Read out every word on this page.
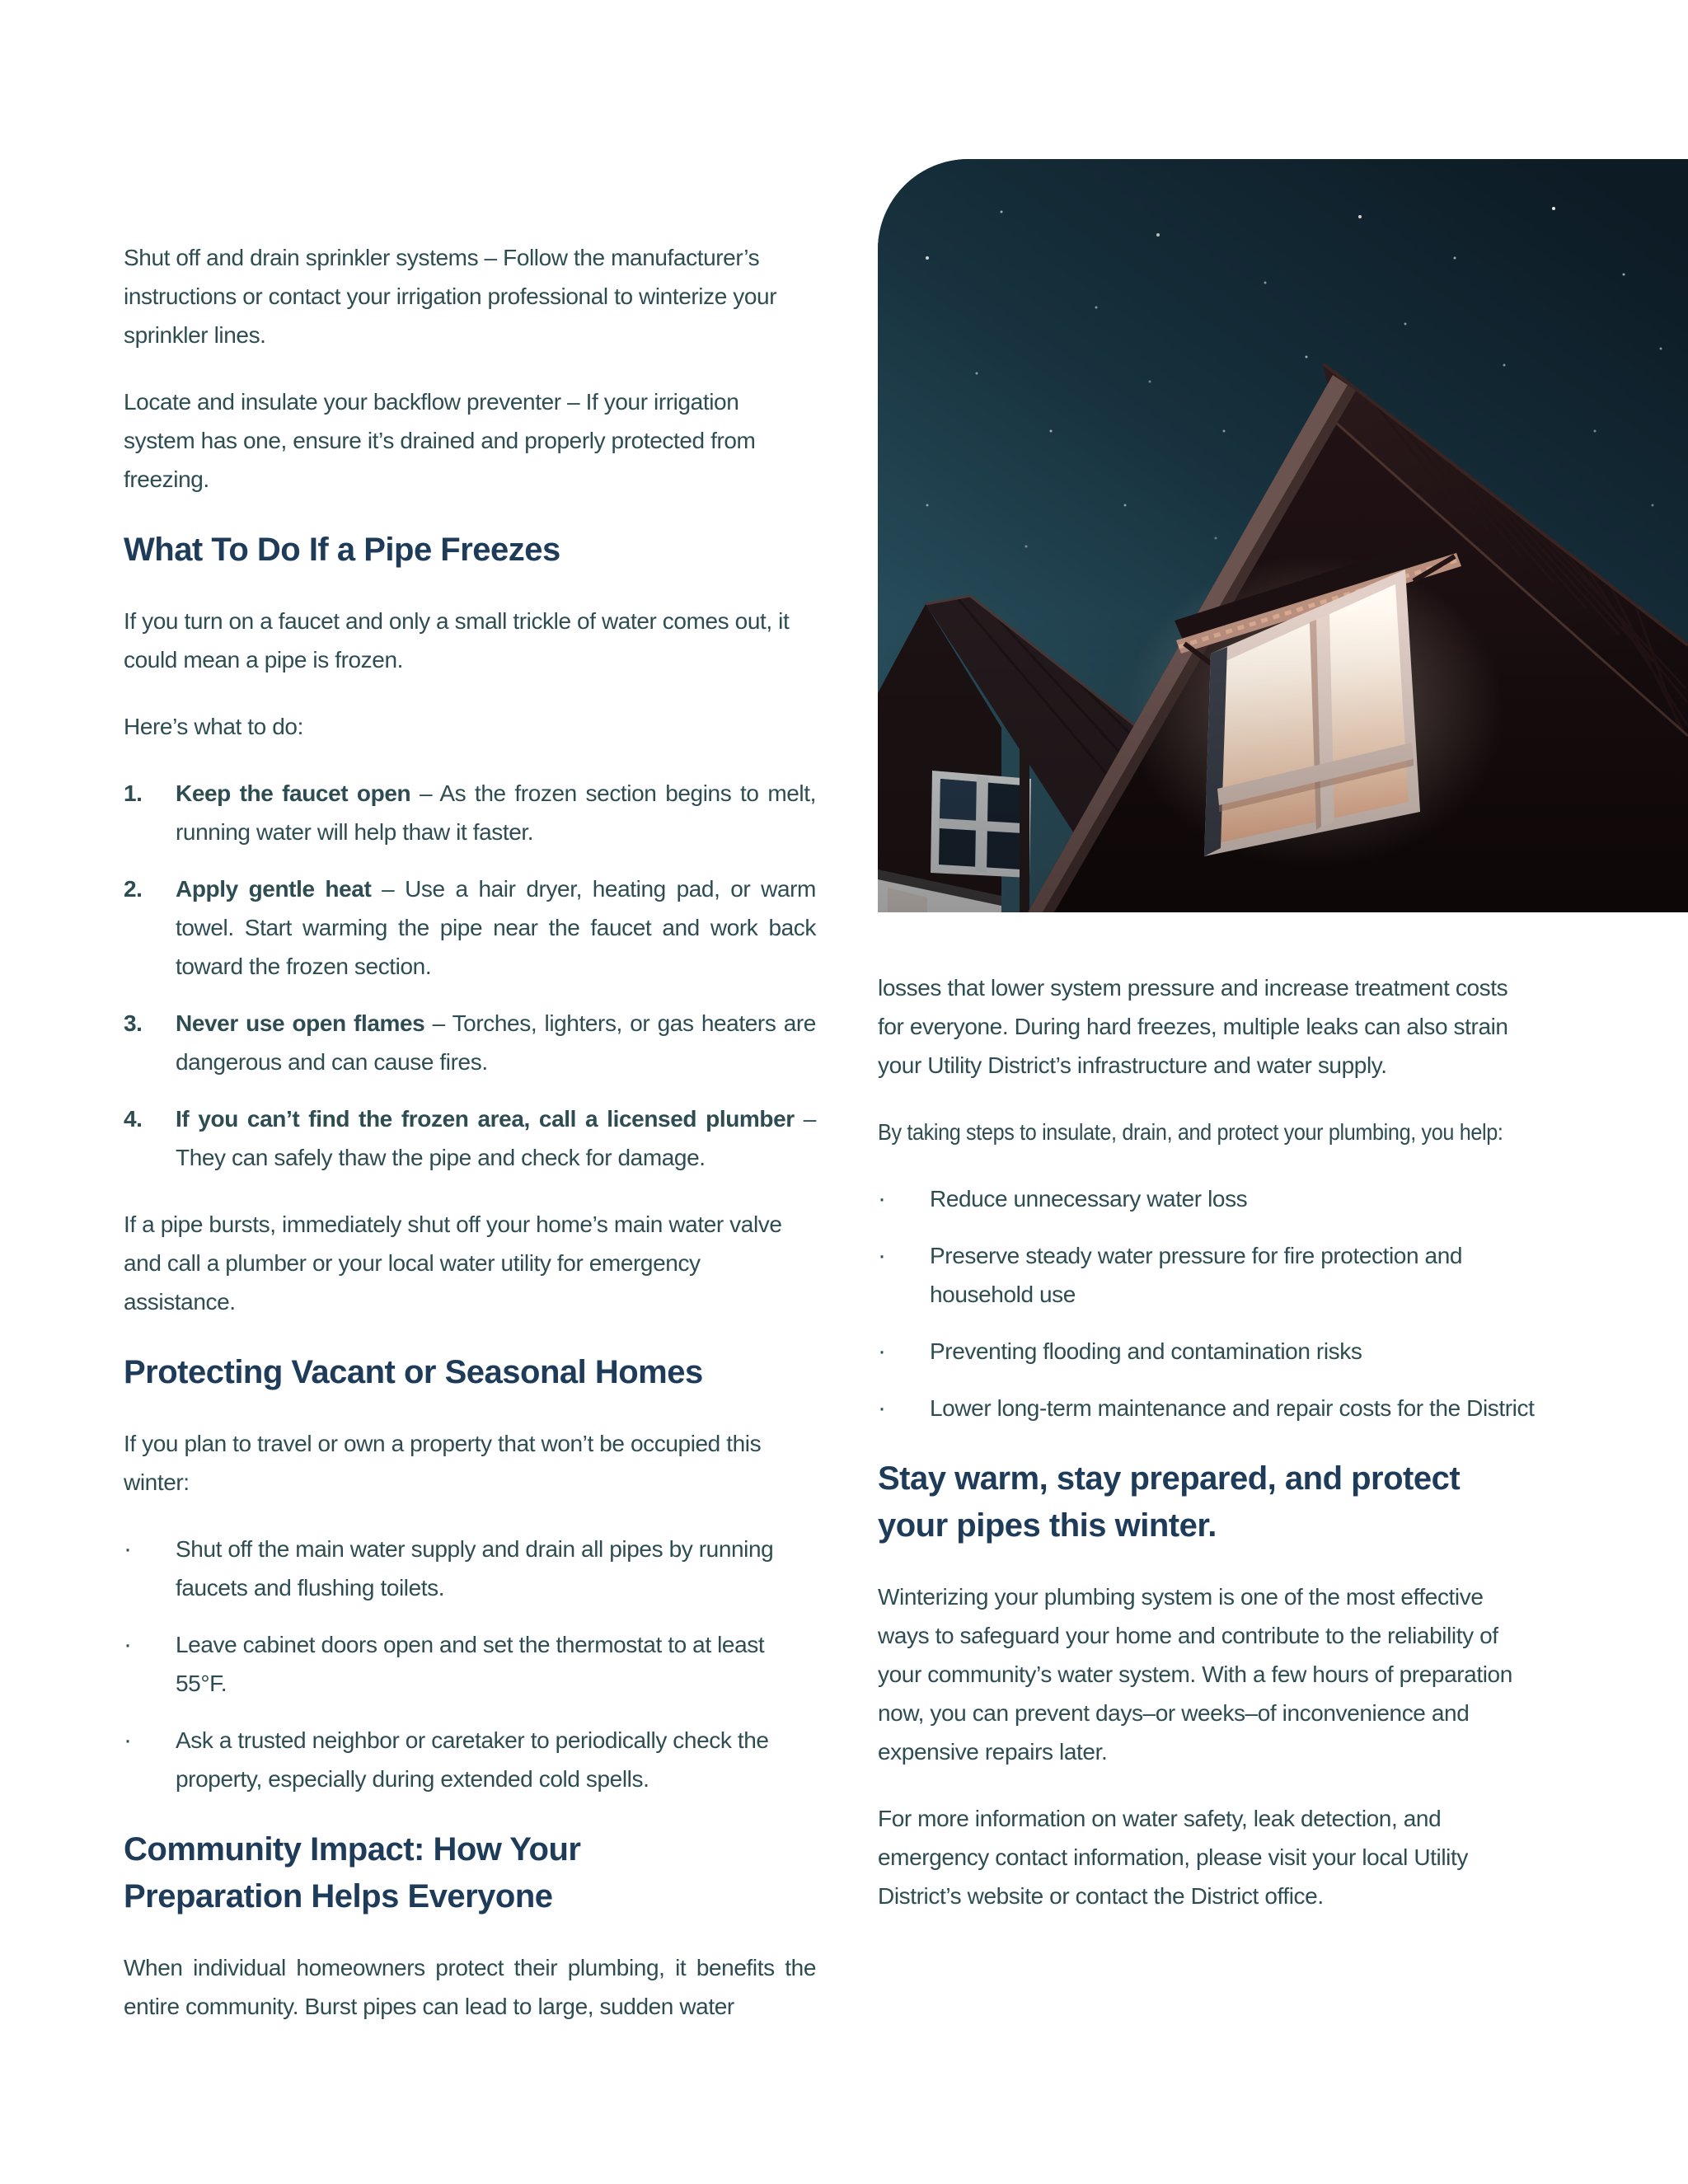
Shut off and drain sprinkler systems – Follow the manufacturer’s instructions or contact your irrigation professional to winterize your sprinkler lines.

Locate and insulate your backflow preventer – If your irrigation system has one, ensure it’s drained and properly protected from freezing.

What To Do If a Pipe Freezes

If you turn on a faucet and only a small trickle of water comes out, it could mean a pipe is frozen.

Here’s what to do:

1.	Keep the faucet open – As the frozen section begins to melt, running water will help thaw it faster.
2.	Apply gentle heat – Use a hair dryer, heating pad, or warm towel. Start warming the pipe near the faucet and work back toward the frozen section.
3.	Never use open flames – Torches, lighters, or gas heaters are dangerous and can cause fires.
4.	If you can’t find the frozen area, call a licensed plumber – They can safely thaw the pipe and check for damage.

If a pipe bursts, immediately shut off your home’s main water valve and call a plumber or your local water utility for emergency assistance.

Protecting Vacant or Seasonal Homes

If you plan to travel or own a property that won’t be occupied this winter:

·	Shut off the main water supply and drain all pipes by running faucets and flushing toilets.
·	Leave cabinet doors open and set the thermostat to at least 55°F.
·	Ask a trusted neighbor or caretaker to periodically check the property, especially during extended cold spells.
Community Impact: How Your Preparation Helps Everyone

When individual homeowners protect their plumbing, it benefits the entire community. Burst pipes can lead to large, sudden water

losses that lower system pressure and increase treatment costs for everyone. During hard freezes, multiple leaks can also strain your Utility District’s infrastructure and water supply.

By taking steps to insulate, drain, and protect your plumbing, you help:

·	Reduce unnecessary water loss
·	Preserve steady water pressure for fire protection and household use
·	Preventing flooding and contamination risks
·	Lower long-term maintenance and repair costs for the District
Stay warm, stay prepared, and protect your pipes this winter.

Winterizing your plumbing system is one of the most effective ways to safeguard your home and contribute to the reliability of your community’s water system. With a few hours of preparation now, you can prevent days–or weeks–of inconvenience and expensive repairs later.

For more information on water safety, leak detection, and emergency contact information, please visit your local Utility District’s website or contact the District office.
